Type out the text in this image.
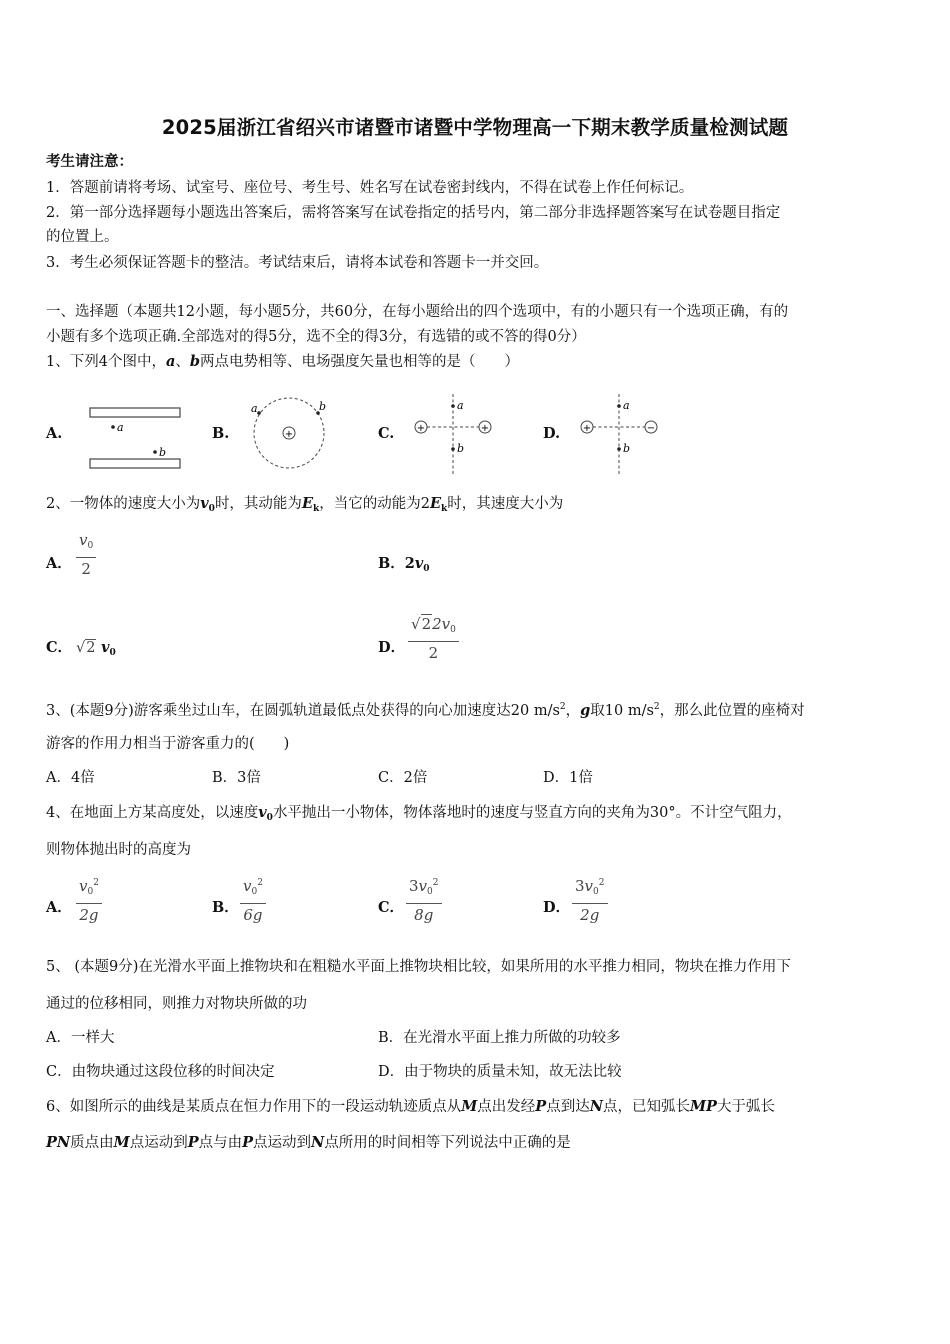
2025届浙江省绍兴市诸暨市诸暨中学物理高一下期末教学质量检测试题
考生请注意：
1．答题前请将考场、试室号、座位号、考生号、姓名写在试卷密封线内，不得在试卷上作任何标记。
2．第一部分选择题每小题选出答案后，需将答案写在试卷指定的括号内，第二部分非选择题答案写在试卷题目指定
的位置上。
3．考生必须保证答题卡的整洁。考试结束后，请将本试卷和答题卡一并交回。
一、选择题（本题共12小题，每小题5分，共60分，在每小题给出的四个选项中，有的小题只有一个选项正确，有的
小题有多个选项正确.全部选对的得5分，选不全的得3分，有选错的或不答的得0分）
1、下列4个图中，a、b两点电势相等、电场强度矢量也相等的是（　　）
A.	B.	C.	D.
a
b
+
a	b
+	+
a
b
+	−
a
b
2、一物体的速度大小为$v_0$时，其动能为$E_k$，当它的动能为$2E_k$时，其速度大小为
A． $\frac{v_0}{2}$	B．$2v_0$
C． √2 $v_0$	D． $\frac{√22v_0}{2}$
3、(本题9分)游客乘坐过山车，在圆弧轨道最低点处获得的向心加速度达20 $m/s^2$，g取10 $m/s^2$，那么此位置的座椅对
游客的作用力相当于游客重力的(　　)
A．4倍	B．3倍	C．2倍	D．1倍
4、在地面上方某高度处，以速度$v_0$水平抛出一小物体，物体落地时的速度与竖直方向的夹角为30°。不计空气阻力，
则物体抛出时的高度为
A． $\frac{v_0^2}{2g}$	B． $\frac{v_0^2}{6g}$	C． $\frac{3v_0^2}{8g}$	D． $\frac{3v_0^2}{2g}$
5、 (本题9分)在光滑水平面上推物块和在粗糙水平面上推物块相比较，如果所用的水平推力相同，物块在推力作用下
通过的位移相同，则推力对物块所做的功
A．一样大	B．在光滑水平面上推力所做的功较多
C．由物块通过这段位移的时间决定	D．由于物块的质量未知，故无法比较
6、如图所示的曲线是某质点在恒力作用下的一段运动轨迹质点从M点出发经P点到达N点，已知弧长MP大于弧长
PN质点由M点运动到P点与由P点运动到N点所用的时间相等下列说法中正确的是
